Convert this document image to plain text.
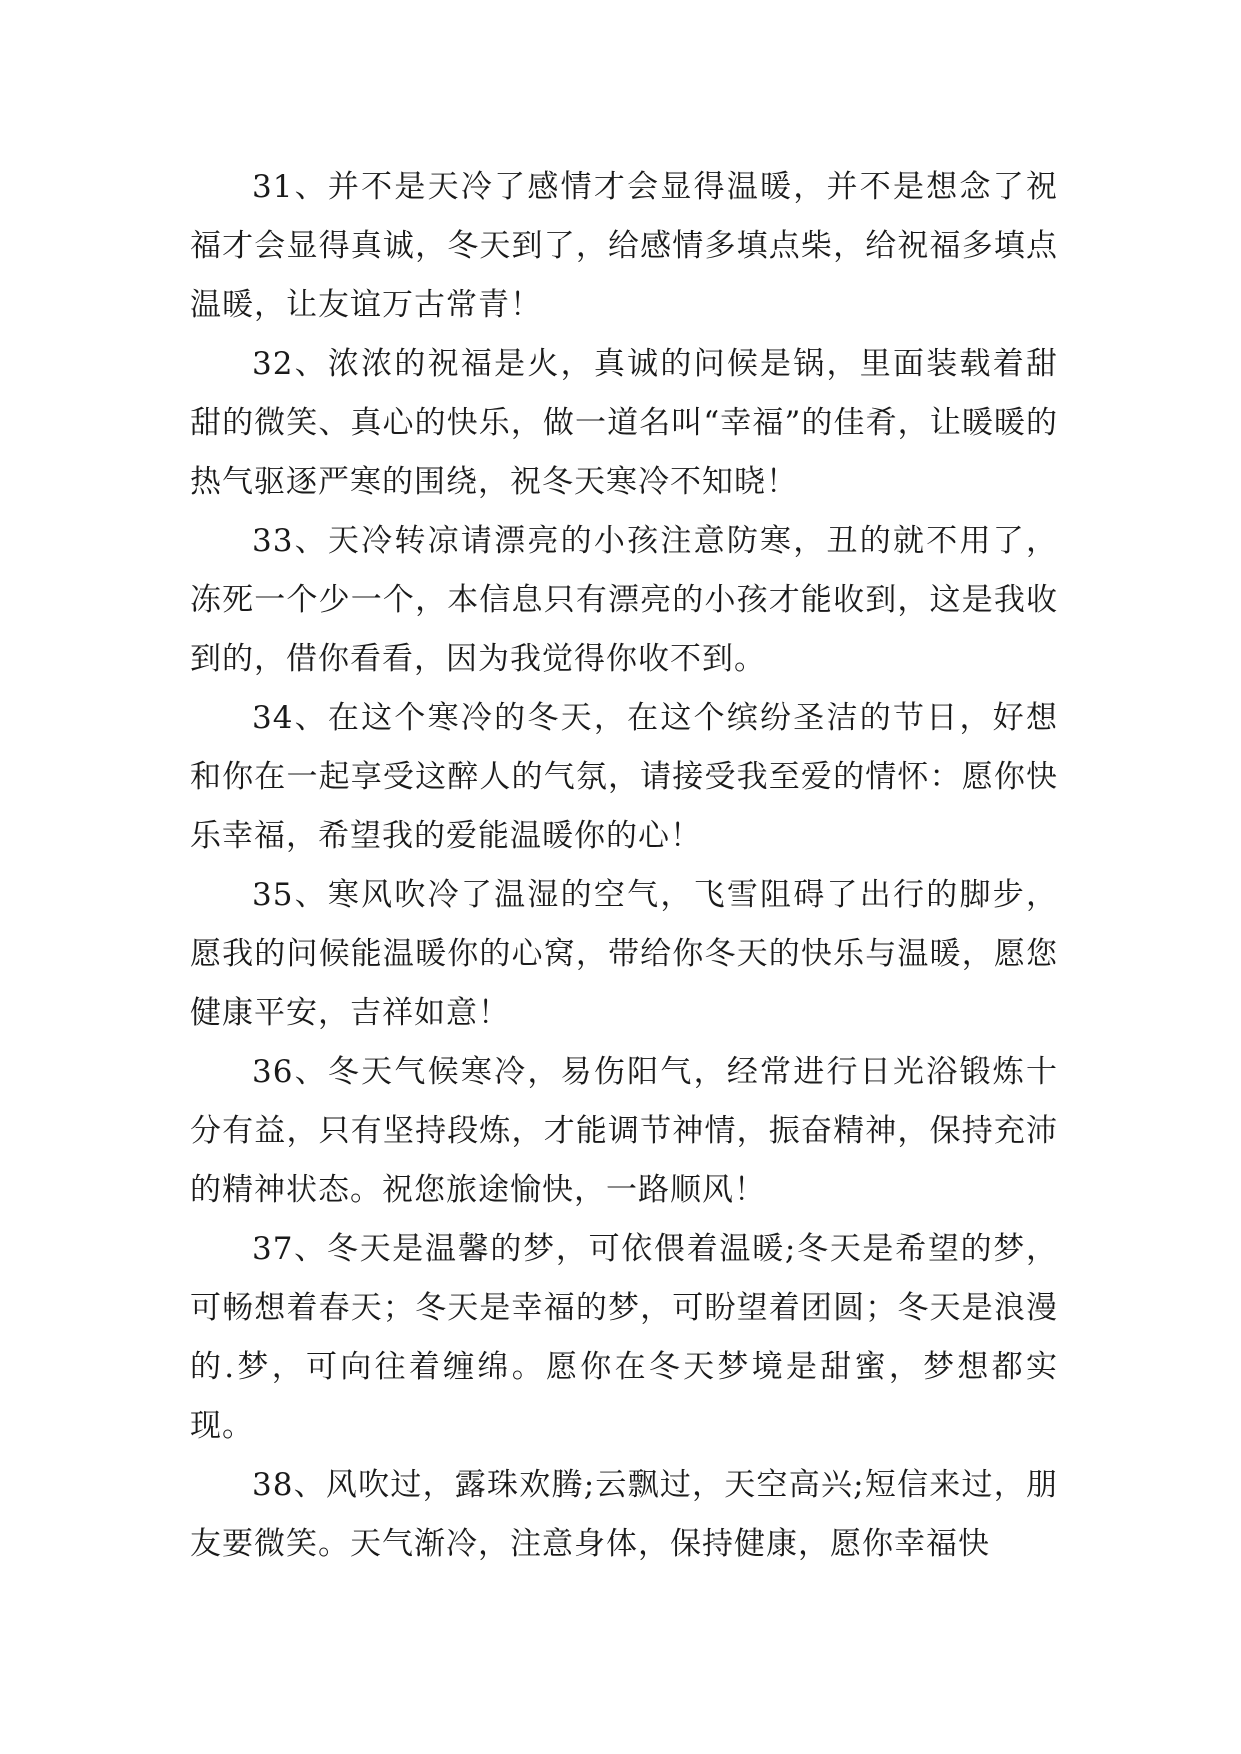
31、并不是天冷了感情才会显得温暖，并不是想念了祝福才会显得真诚，冬天到了，给感情多填点柴，给祝福多填点温暖，让友谊万古常青！

32、浓浓的祝福是火，真诚的问候是锅，里面装载着甜甜的微笑、真心的快乐，做一道名叫“幸福”的佳肴，让暖暖的热气驱逐严寒的围绕，祝冬天寒冷不知晓！

33、天冷转凉请漂亮的小孩注意防寒，丑的就不用了，冻死一个少一个，本信息只有漂亮的小孩才能收到，这是我收到的，借你看看，因为我觉得你收不到。

34、在这个寒冷的冬天，在这个缤纷圣洁的节日，好想和你在一起享受这醉人的气氛，请接受我至爱的情怀：愿你快乐幸福，希望我的爱能温暖你的心！

35、寒风吹冷了温湿的空气，飞雪阻碍了出行的脚步，愿我的问候能温暖你的心窝，带给你冬天的快乐与温暖，愿您健康平安，吉祥如意！

36、冬天气候寒冷，易伤阳气，经常进行日光浴锻炼十分有益，只有坚持段炼，才能调节神情，振奋精神，保持充沛的精神状态。祝您旅途愉快，一路顺风！

37、冬天是温馨的梦，可依偎着温暖;冬天是希望的梦，可畅想着春天；冬天是幸福的梦，可盼望着团圆；冬天是浪漫的.梦，可向往着缠绵。愿你在冬天梦境是甜蜜，梦想都实现。

38、风吹过，露珠欢腾;云飘过，天空高兴;短信来过，朋友要微笑。天气渐冷，注意身体，保持健康，愿你幸福快
